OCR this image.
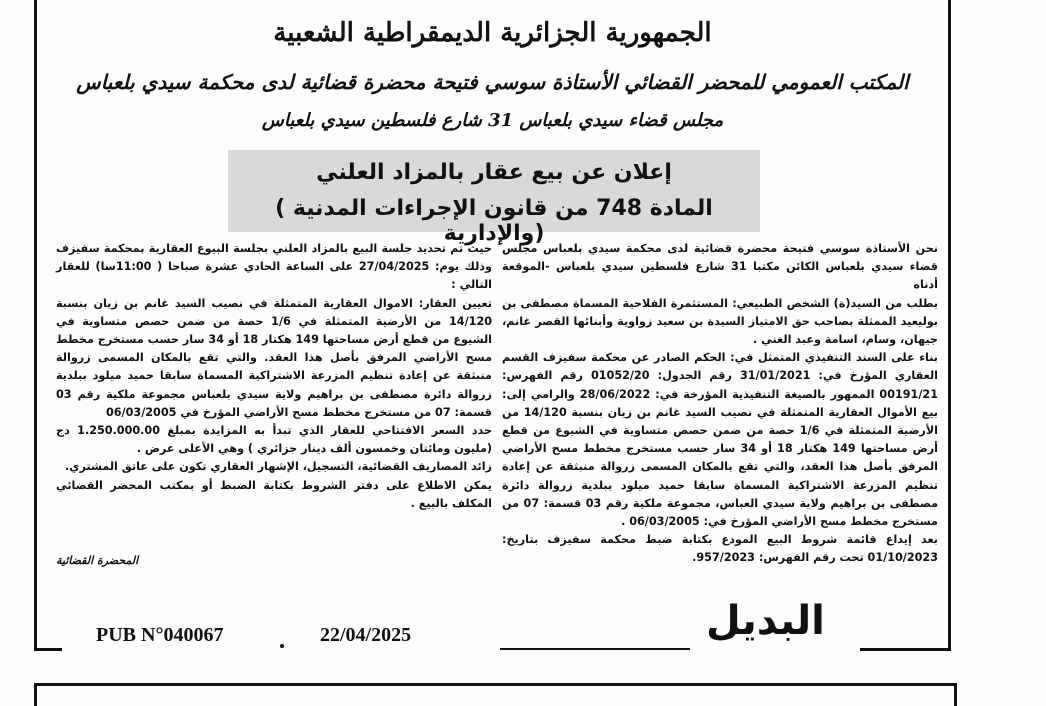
الجمهورية الجزائرية الديمقراطية الشعبية
المكتب العمومي للمحضر القضائي الأستاذة سوسي فتيحة محضرة قضائية لدى محكمة سيدي بلعباس
مجلس قضاء سيدي بلعباس 31 شارع فلسطين سيدي بلعباس
إعلان عن بيع عقار بالمزاد العلني
( المادة 748 من قانون الإجراءات المدنية والإدارية)

نحن الأستاذة سوسي فتيحة محضرة قضائية لدى محكمة سيدي بلعباس مجلس قضاء سيدي بلعباس الكائن مكتبا 31 شارع فلسطين سيدي بلعباس -الموقعة أدناه

بطلب من السيد(ة) الشخص الطبيعي: المستثمرة الفلاحية المسماة مصطفى بن بوليعيد الممثلة بصاحب حق الامتياز السيدة بن سعيد زواوية وأبنائها القصر غانم، جيهان، وسام، اسامة وعبد الغني .

بناء على السند التنفيذي المتمثل في: الحكم الصادر عن محكمة سفيزف القسم العقاري المؤرخ في: 31/01/2021 رقم الجدول: 01052/20 رقم الفهرس: 00191/21 الممهور بالصيغة التنفيذية المؤرخة في: 28/06/2022 والرامي إلى: بيع الأموال العقارية المتمثلة في نصيب السيد غانم بن زيان بنسبة 14/120 من الأرضية المتمثلة في 1/6 حصة من ضمن حصص متساوية في الشيوع من قطع أرض مساحتها 149 هكتار 18 أو 34 سار حسب مستخرج مخطط مسح الأراضي المرفق بأصل هذا العقد، والتي تقع بالمكان المسمى زروالة منبثقة عن إعادة تنظيم المزرعة الاشتراكية المسماة سابقا حميد ميلود ببلدية زروالة دائرة مصطفى بن براهيم ولاية سيدي العباس، مجموعة ملكية رقم 03 قسمة: 07 من مستخرج مخطط مسح الأراضي المؤرخ في: 06/03/2005 .

بعد إيداع قائمة شروط البيع المودع بكتابة ضبط محكمة سفيزف بتاريخ: 01/10/2023 تحت رقم الفهرس: 957/2023.

حيث تم تحديد جلسة البيع بالمزاد العلني بجلسة البيوع العقارية بمحكمة سفيزف وذلك يوم: 27/04/2025 على الساعة الحادي عشرة صباحا ( 11:00سا) للعقار التالي :

تعيين العقار: الاموال العقارية المتمثلة في نصيب السيد غانم بن زيان بنسبة 14/120 من الأرضية المتمثلة في 1/6 حصة من ضمن حصص متساوية في الشيوع من قطع أرض مساحتها 149 هكتار 18 أو 34 سار حسب مستخرج مخطط مسح الأراضي المرفق بأصل هذا العقد. والتي تقع بالمكان المسمى زروالة منبثقة عن إعادة تنظيم المزرعة الاشتراكية المسماة سابقا حميد ميلود ببلدية زروالة دائرة مصطفى بن براهيم ولاية سيدي بلعباس مجموعة ملكية رقم 03 قسمة: 07 من مستخرج مخطط مسح الأراضي المؤرخ في 06/03/2005

حدد السعر الافتتاحي للعقار الذي تبدأ به المزايدة بمبلغ 1.250.000.00 دج (مليون ومائتان وخمسون ألف دينار جزائري ) وهي الأعلى عرض .

زائد المصاريف القضائية، التسجيل، الإشهار العقاري تكون على عاتق المشتري.

يمكن الاطلاع على دفتر الشروط بكتابة الضبط أو بمكتب المحضر القضائي المكلف بالبيع .

المحضرة القضائية
PUB N°040067	22/04/2025	البديل
